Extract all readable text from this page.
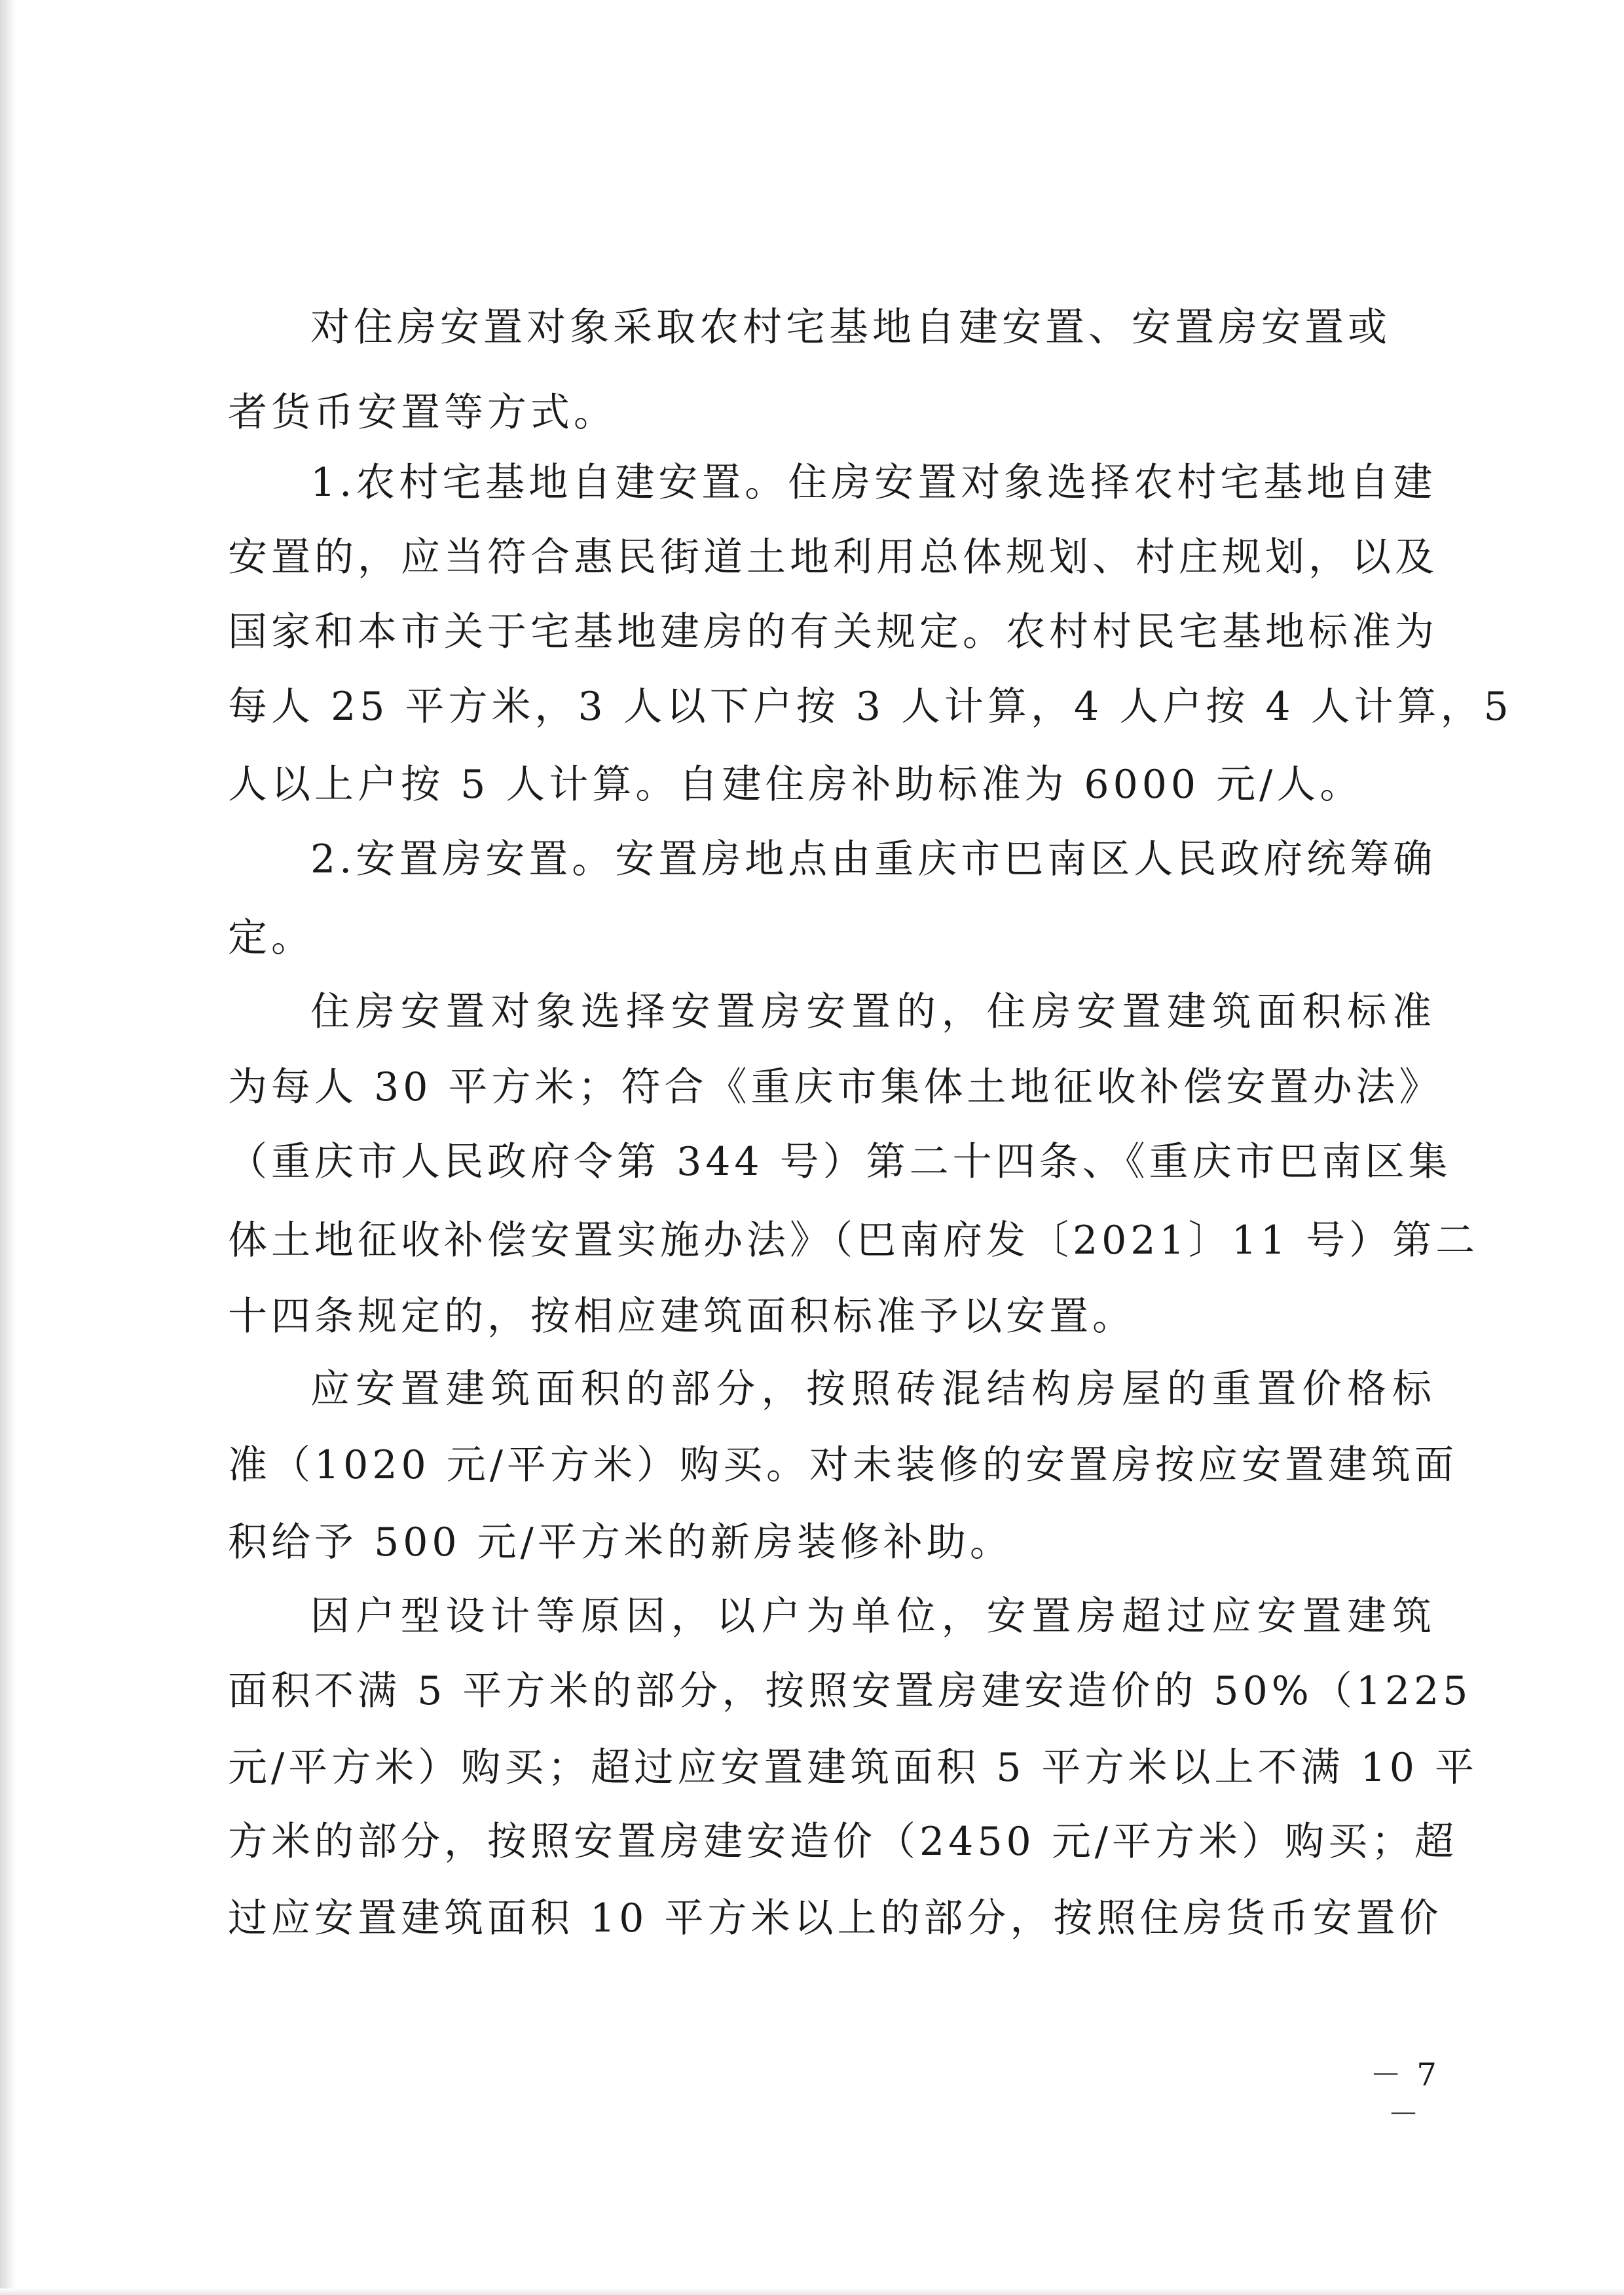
对住房安置对象采取农村宅基地自建安置、安置房安置或
者货币安置等方式。
1.农村宅基地自建安置。住房安置对象选择农村宅基地自建
安置的，应当符合惠民街道土地利用总体规划、村庄规划，以及
国家和本市关于宅基地建房的有关规定。农村村民宅基地标准为
每人 25 平方米，3 人以下户按 3 人计算，4 人户按 4 人计算，5
人以上户按 5 人计算。自建住房补助标准为 6000 元/人。
2.安置房安置。安置房地点由重庆市巴南区人民政府统筹确
定。
住房安置对象选择安置房安置的，住房安置建筑面积标准
为每人 30 平方米；符合《重庆市集体土地征收补偿安置办法》
（重庆市人民政府令第 344 号）第二十四条、《重庆市巴南区集
体土地征收补偿安置实施办法》（巴南府发〔2021〕11 号）第二
十四条规定的，按相应建筑面积标准予以安置。
应安置建筑面积的部分，按照砖混结构房屋的重置价格标
准（1020 元/平方米）购买。对未装修的安置房按应安置建筑面
积给予 500 元/平方米的新房装修补助。
因户型设计等原因，以户为单位，安置房超过应安置建筑
面积不满 5 平方米的部分，按照安置房建安造价的 50%（1225
元/平方米）购买；超过应安置建筑面积 5 平方米以上不满 10 平
方米的部分，按照安置房建安造价（2450 元/平方米）购买；超
过应安置建筑面积 10 平方米以上的部分，按照住房货币安置价
－ 7 －
